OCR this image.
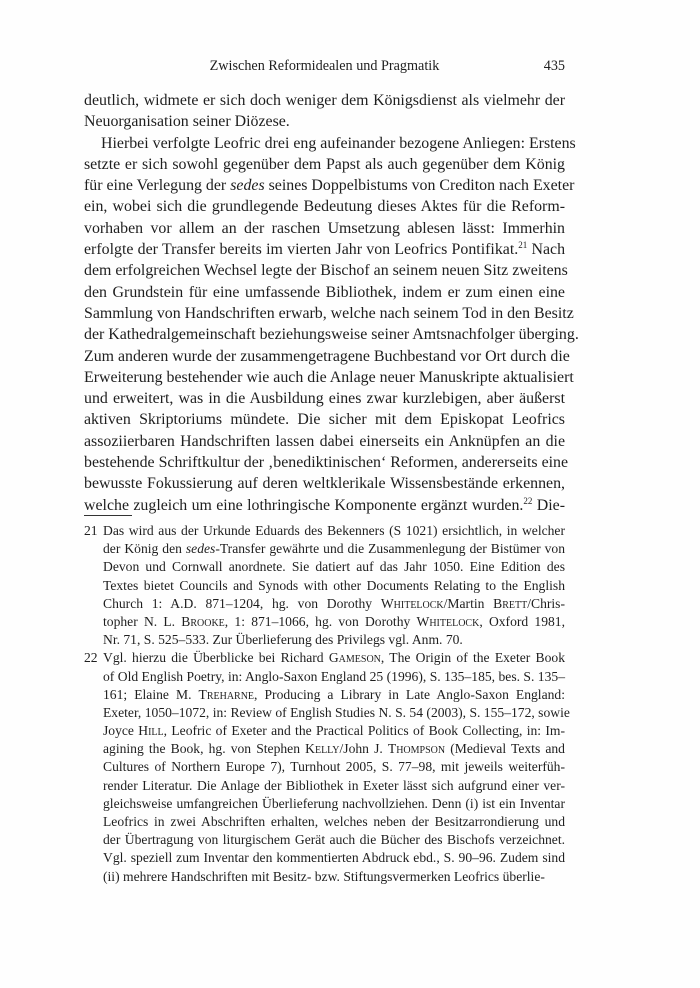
Zwischen Reformidealen und Pragmatik	435
deutlich, widmete er sich doch weniger dem Königsdienst als vielmehr der
Neuorganisation seiner Diözese.
Hierbei verfolgte Leofric drei eng aufeinander bezogene Anliegen: Erstens
setzte er sich sowohl gegenüber dem Papst als auch gegenüber dem König
für eine Verlegung der sedes seines Doppelbistums von Crediton nach Exeter
ein, wobei sich die grundlegende Bedeutung dieses Aktes für die Reform-
vorhaben vor allem an der raschen Umsetzung ablesen lässt: Immerhin
erfolgte der Transfer bereits im vierten Jahr von Leofrics Pontifikat.$^{21}$ Nach
dem erfolgreichen Wechsel legte der Bischof an seinem neuen Sitz zweitens
den Grundstein für eine umfassende Bibliothek, indem er zum einen eine
Sammlung von Handschriften erwarb, welche nach seinem Tod in den Besitz
der Kathedralgemeinschaft beziehungsweise seiner Amtsnachfolger überging.
Zum anderen wurde der zusammengetragene Buchbestand vor Ort durch die
Erweiterung bestehender wie auch die Anlage neuer Manuskripte aktualisiert
und erweitert, was in die Ausbildung eines zwar kurzlebigen, aber äußerst
aktiven Skriptoriums mündete. Die sicher mit dem Episkopat Leofrics
assoziierbaren Handschriften lassen dabei einerseits ein Anknüpfen an die
bestehende Schriftkultur der ‚benediktinischen‘ Reformen, andererseits eine
bewusste Fokussierung auf deren weltklerikale Wissensbestände erkennen,
welche zugleich um eine lothringische Komponente ergänzt wurden.$^{22}$ Die-
21 Das wird aus der Urkunde Eduards des Bekenners (S 1021) ersichtlich, in welcher
der König den sedes-Transfer gewährte und die Zusammenlegung der Bistümer von
Devon und Cornwall anordnete. Sie datiert auf das Jahr 1050. Eine Edition des
Textes bietet Councils and Synods with other Documents Relating to the English
Church 1: A.D. 871–1204, hg. von Dorothy Whitelock/Martin Brett/Chris-
topher N. L. Brooke, 1: 871–1066, hg. von Dorothy Whitelock, Oxford 1981,
Nr. 71, S. 525–533. Zur Überlieferung des Privilegs vgl. Anm. 70.
22 Vgl. hierzu die Überblicke bei Richard Gameson, The Origin of the Exeter Book
of Old English Poetry, in: Anglo-Saxon England 25 (1996), S. 135–185, bes. S. 135–
161; Elaine M. Treharne, Producing a Library in Late Anglo-Saxon England:
Exeter, 1050–1072, in: Review of English Studies N. S. 54 (2003), S. 155–172, sowie
Joyce Hill, Leofric of Exeter and the Practical Politics of Book Collecting, in: Im-
agining the Book, hg. von Stephen Kelly/John J. Thompson (Medieval Texts and
Cultures of Northern Europe 7), Turnhout 2005, S. 77–98, mit jeweils weiterfüh-
render Literatur. Die Anlage der Bibliothek in Exeter lässt sich aufgrund einer ver-
gleichsweise umfangreichen Überlieferung nachvollziehen. Denn (i) ist ein Inventar
Leofrics in zwei Abschriften erhalten, welches neben der Besitzarrondierung und
der Übertragung von liturgischem Gerät auch die Bücher des Bischofs verzeichnet.
Vgl. speziell zum Inventar den kommentierten Abdruck ebd., S. 90–96. Zudem sind
(ii) mehrere Handschriften mit Besitz- bzw. Stiftungsvermerken Leofrics überlie-
